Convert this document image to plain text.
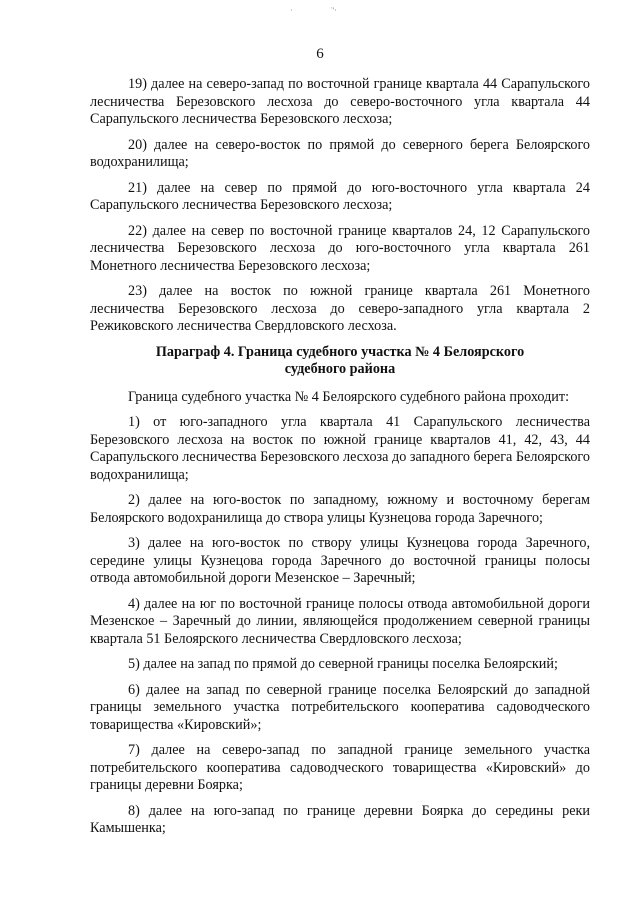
·	ˈ'·
6

19) далее на северо-запад по восточной границе квартала 44 Сарапульского лесничества Березовского лесхоза до северо-восточного угла квартала 44 Сарапульского лесничества Березовского лесхоза;

20) далее на северо-восток по прямой до северного берега Белоярского водохранилища;

21) далее на север по прямой до юго-восточного угла квартала 24 Сарапульского лесничества Березовского лесхоза;

22) далее на север по восточной границе кварталов 24, 12 Сарапульского лесничества Березовского лесхоза до юго-восточного угла квартала 261 Монетного лесничества Березовского лесхоза;

23) далее на восток по южной границе квартала 261 Монетного лесничества Березовского лесхоза до северо-западного угла квартала 2 Режиковского лесничества Свердловского лесхоза.

Параграф 4. Граница судебного участка № 4 Белоярского
судебного района

Граница судебного участка № 4 Белоярского судебного района проходит:

1) от юго-западного угла квартала 41 Сарапульского лесничества Березовского лесхоза на восток по южной границе кварталов 41, 42, 43, 44 Сарапульского лесничества Березовского лесхоза до западного берега Белоярского водохранилища;

2) далее на юго-восток по западному, южному и восточному берегам Белоярского водохранилища до створа улицы Кузнецова города Заречного;

3) далее на юго-восток по створу улицы Кузнецова города Заречного, середине улицы Кузнецова города Заречного до восточной границы полосы отвода автомобильной дороги Мезенское – Заречный;

4) далее на юг по восточной границе полосы отвода автомобильной дороги Мезенское – Заречный до линии, являющейся продолжением северной границы квартала 51 Белоярского лесничества Свердловского лесхоза;

5) далее на запад по прямой до северной границы поселка Белоярский;

6) далее на запад по северной границе поселка Белоярский до западной границы земельного участка потребительского кооператива садоводческого товарищества «Кировский»;

7) далее на северо-запад по западной границе земельного участка потребительского кооператива садоводческого товарищества «Кировский» до границы деревни Боярка;

8) далее на юго-запад по границе деревни Боярка до середины реки Камышенка;
